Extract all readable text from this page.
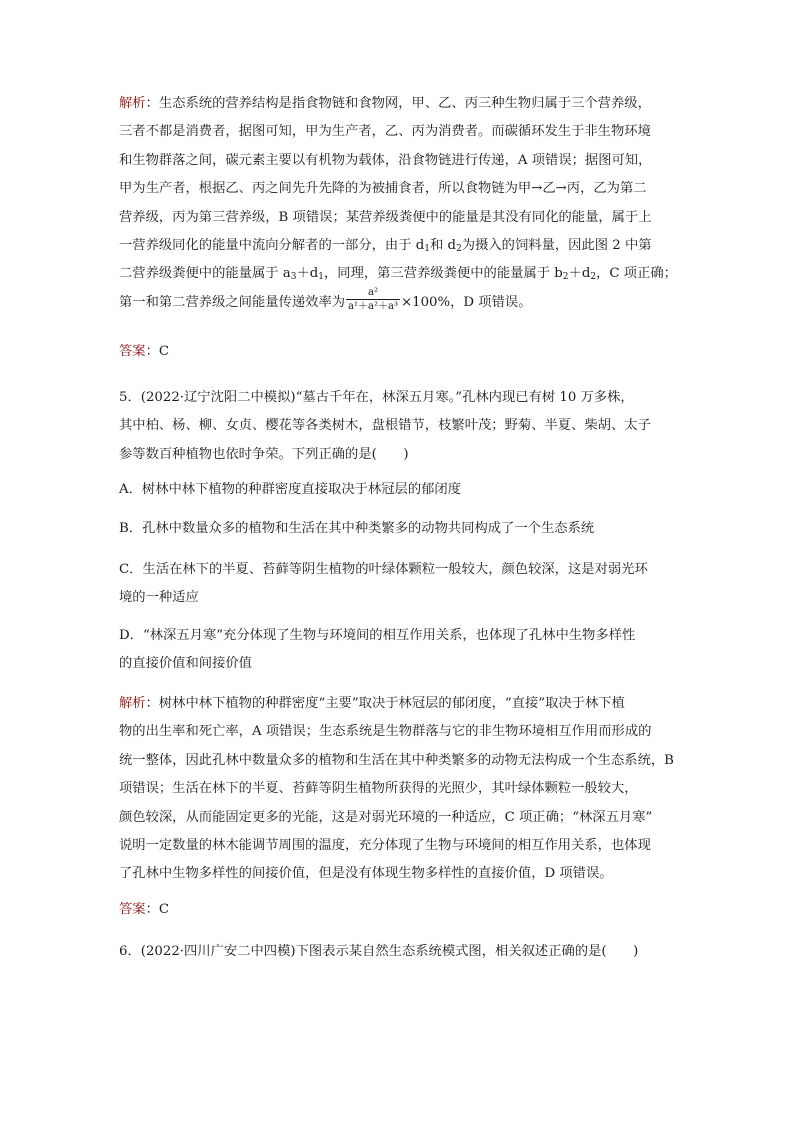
解析：生态系统的营养结构是指食物链和食物网，甲、乙、丙三种生物归属于三个营养级，
三者不都是消费者，据图可知，甲为生产者，乙、丙为消费者。而碳循环发生于非生物环境
和生物群落之间，碳元素主要以有机物为载体，沿食物链进行传递，A 项错误；据图可知，
甲为生产者，根据乙、丙之间先升先降的为被捕食者，所以食物链为甲→乙→丙，乙为第二
营养级，丙为第三营养级，B 项错误；某营养级粪便中的能量是其没有同化的能量，属于上
一营养级同化的能量中流向分解者的一部分，由于 $d_1$和 $d_2$为摄入的饲料量，因此图 2 中第
二营养级粪便中的能量属于 $a_3+d_1$，同理，第三营养级粪便中的能量属于 $b_2+d_2$，C 项正确；
第一和第二营养级之间能量传递效率为 $\frac{\text{a²}}{\text{a¹＋a²＋a³}} \times 100\%$，D 项错误。
答案：C
5．(2022·辽宁沈阳二中模拟)“墓古千年在，林深五月寒。”孔林内现已有树 10 万多株，
其中柏、杨、柳、女贞、樱花等各类树木，盘根错节，枝繁叶茂；野菊、半夏、柴胡、太子
参等数百种植物也依时争荣。下列正确的是(　　)
A．树林中林下植物的种群密度直接取决于林冠层的郁闭度
B．孔林中数量众多的植物和生活在其中种类繁多的动物共同构成了一个生态系统
C．生活在林下的半夏、苔藓等阴生植物的叶绿体颗粒一般较大，颜色较深，这是对弱光环
境的一种适应
D．“林深五月寒”充分体现了生物与环境间的相互作用关系，也体现了孔林中生物多样性
的直接价值和间接价值
解析：树林中林下植物的种群密度“主要”取决于林冠层的郁闭度，“直接”取决于林下植
物的出生率和死亡率，A 项错误；生态系统是生物群落与它的非生物环境相互作用而形成的
统一整体，因此孔林中数量众多的植物和生活在其中种类繁多的动物无法构成一个生态系统，B
项错误；生活在林下的半夏、苔藓等阴生植物所获得的光照少，其叶绿体颗粒一般较大，
颜色较深，从而能固定更多的光能，这是对弱光环境的一种适应，C 项正确；“林深五月寒”
说明一定数量的林木能调节周围的温度，充分体现了生物与环境间的相互作用关系，也体现
了孔林中生物多样性的间接价值，但是没有体现生物多样性的直接价值，D 项错误。
答案：C
6．(2022·四川广安二中四模)下图表示某自然生态系统模式图，相关叙述正确的是(　　)
